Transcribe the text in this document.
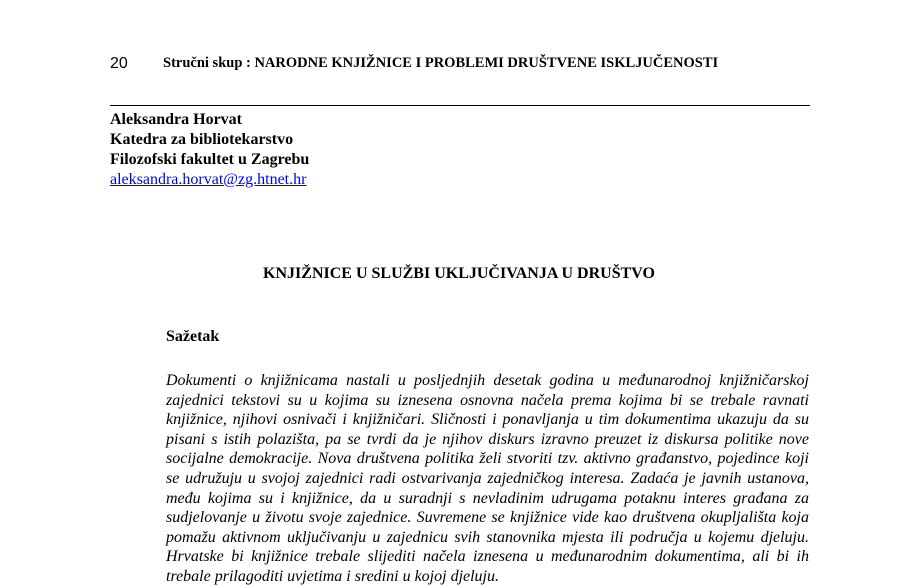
20 Stručni skup : NARODNE KNJIŽNICE I PROBLEMI DRUŠTVENE ISKLJUČENOSTI
Aleksandra Horvat
Katedra za bibliotekarstvo
Filozofski fakultet u Zagrebu
aleksandra.horvat@zg.htnet.hr
KNJIŽNICE U SLUŽBI UKLJUČIVANJA U DRUŠTVO
Sažetak

Dokumenti o knjižnicama nastali u posljednjih desetak godina u međunarodnoj knjižničarskoj zajednici tekstovi su u kojima su iznesena osnovna načela prema kojima bi se trebale ravnati knjižnice, njihovi osnivači i knjižničari. Sličnosti i ponavljanja u tim dokumentima ukazuju da su pisani s istih polazišta, pa se tvrdi da je njihov diskurs izravno preuzet iz diskursa politike nove socijalne demokracije. Nova društvena politika želi stvoriti tzv. aktivno građanstvo, pojedince koji se udružuju u svojoj zajednici radi ostvarivanja zajedničkog interesa. Zadaća je javnih ustanova, među kojima su i knjižnice, da u suradnji s nevladinim udrugama potaknu interes građana za sudjelovanje u životu svoje zajednice. Suvremene se knjižnice vide kao društvena okupljališta koja pomažu aktivnom uključivanju u zajednicu svih stanovnika mjesta ili područja u kojemu djeluju. Hrvatske bi knjižnice trebale slijediti načela iznesena u međunarodnim dokumentima, ali bi ih trebale prilagoditi uvjetima i sredini u kojoj djeluju.
